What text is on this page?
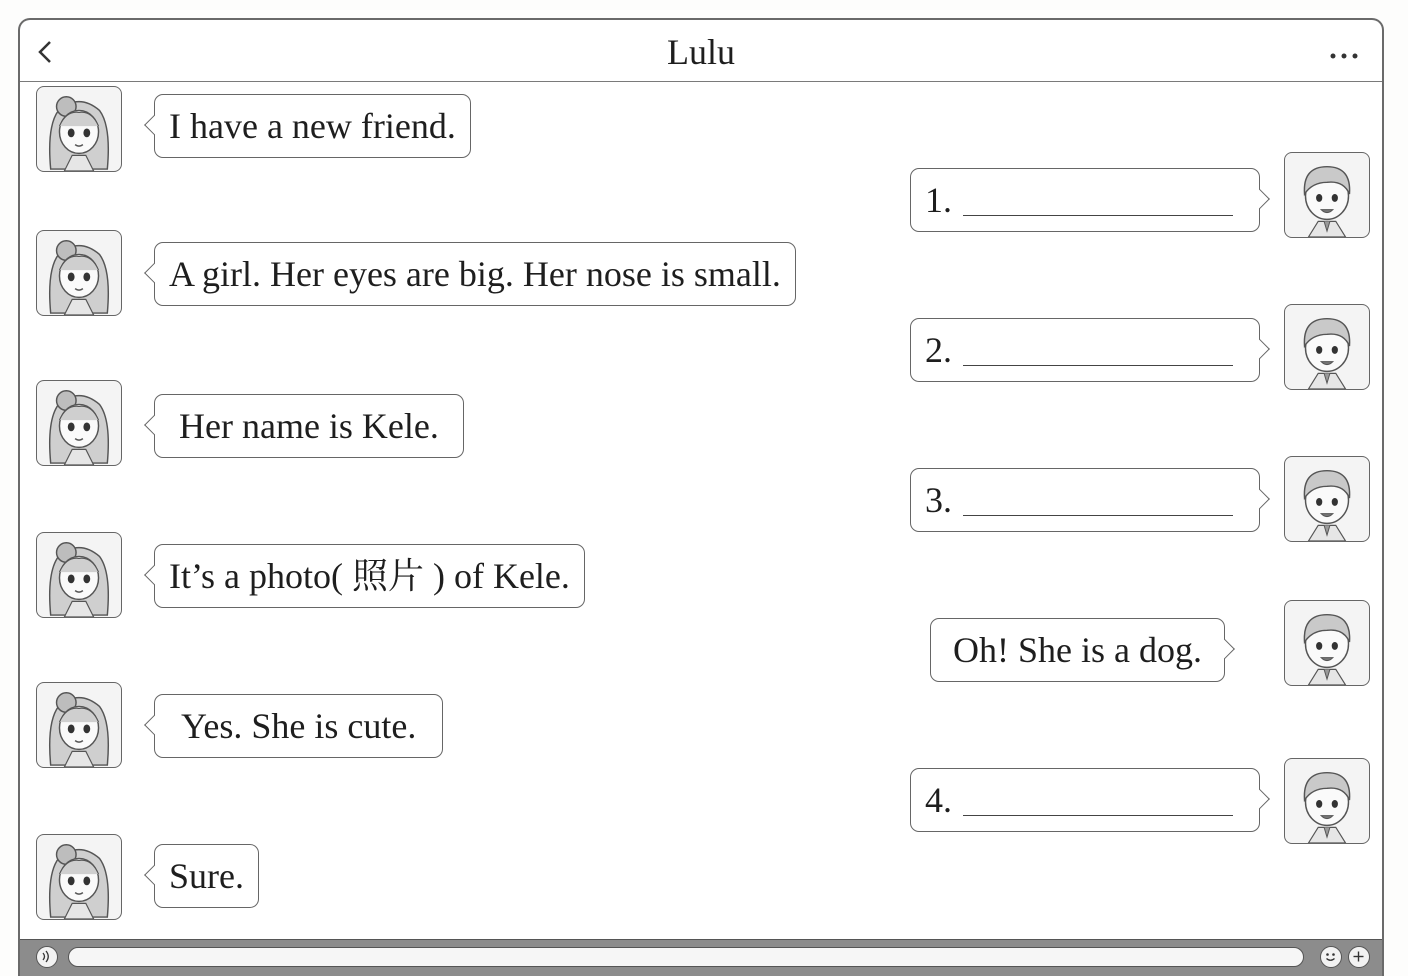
Lulu
I have a new friend.
1.
A girl. Her eyes are big. Her nose is small.
2.
Her name is Kele.
3.
It’s a photo( 照片 ) of Kele.
Oh! She is a dog.
Yes. She is cute.
4.
Sure.
